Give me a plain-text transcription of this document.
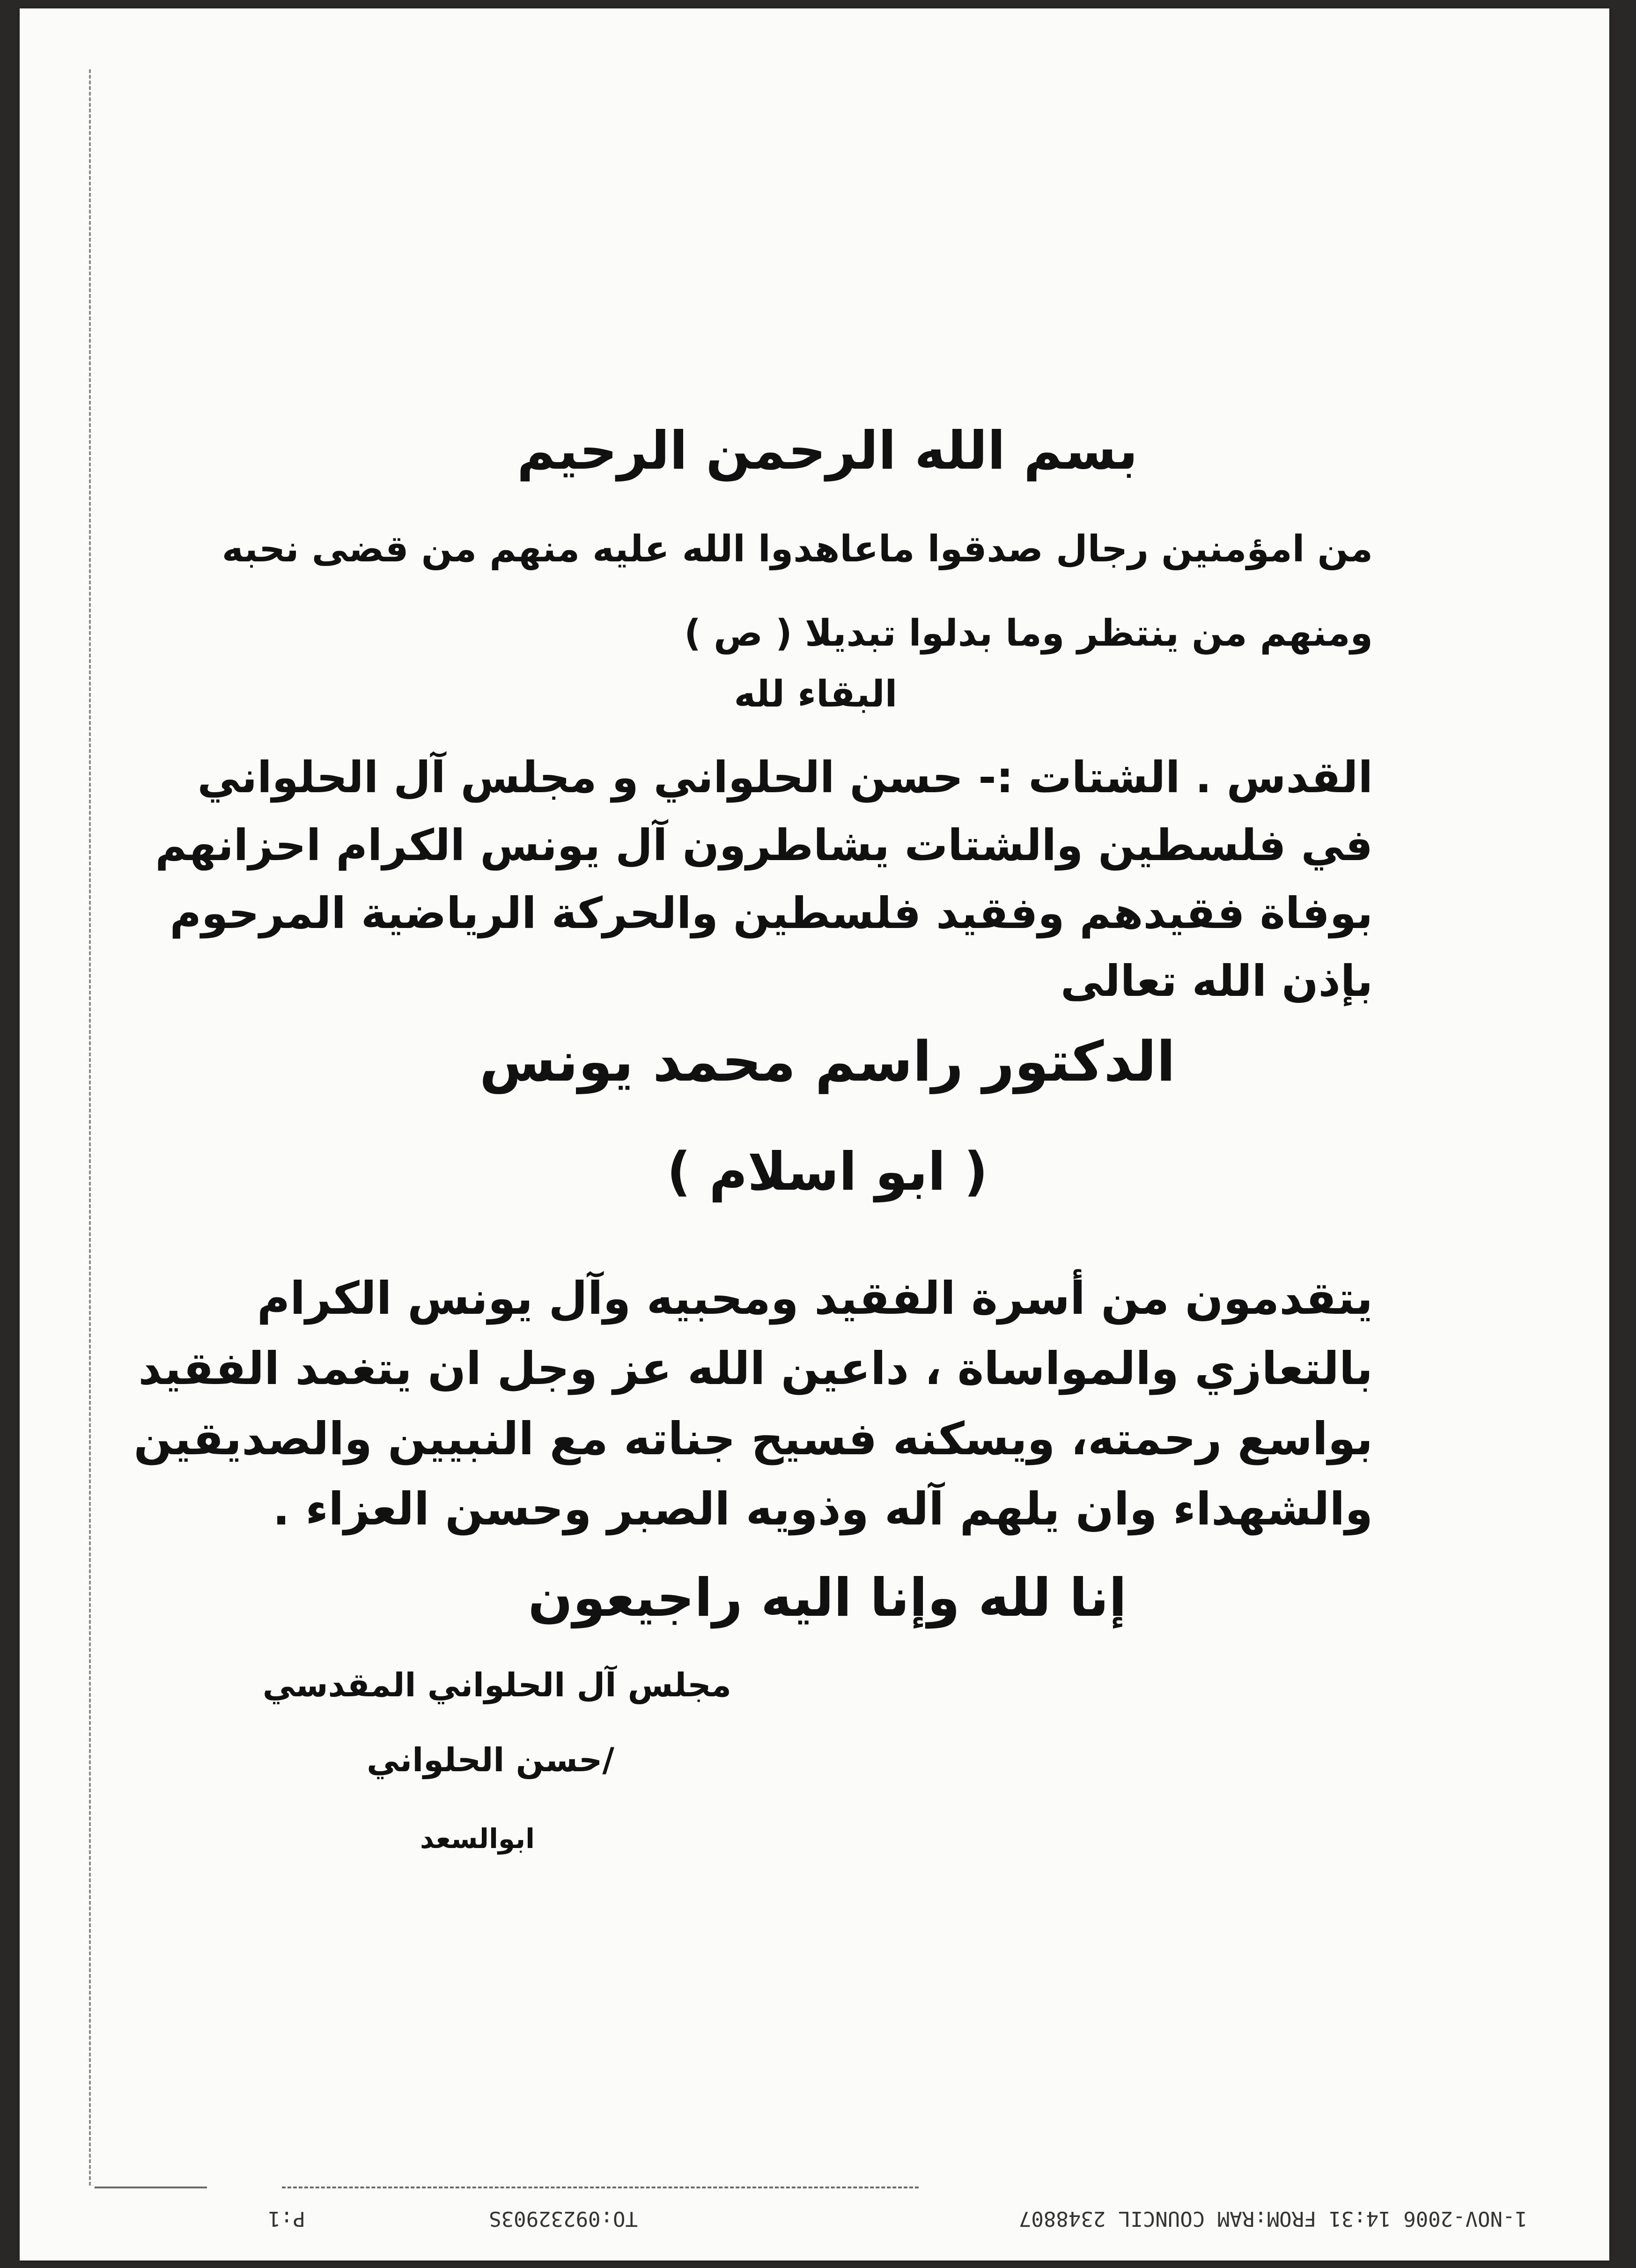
بسم الله الرحمن الرحيم
من امؤمنين رجال صدقوا ماعاهدوا الله عليه منهم من قضى نحبه
ومنهم من ينتظر وما بدلوا تبديلا ( ص )
البقاء لله
القدس . الشتات :- حسن الحلواني و مجلس آل الحلواني
في فلسطين والشتات يشاطرون آل يونس الكرام احزانهم
بوفاة فقيدهم وفقيد فلسطين والحركة الرياضية المرحوم
بإذن الله تعالى
الدكتور راسم محمد يونس
( ابو اسلام )
يتقدمون من أسرة الفقيد ومحبيه وآل يونس الكرام
بالتعازي والمواساة ، داعين الله عز وجل ان يتغمد الفقيد
بواسع رحمته، ويسكنه فسيح جناته مع النبيين والصديقين
والشهداء وان يلهم آله وذويه الصبر وحسن العزاء .
إنا لله وإنا اليه راجيعون
مجلس آل الحلواني المقدسي
/حسن الحلواني
ابوالسعد
P:1	TO:09232903S	1-NOV-2006 14:31 FROM:RAM COUNCIL 2348807
